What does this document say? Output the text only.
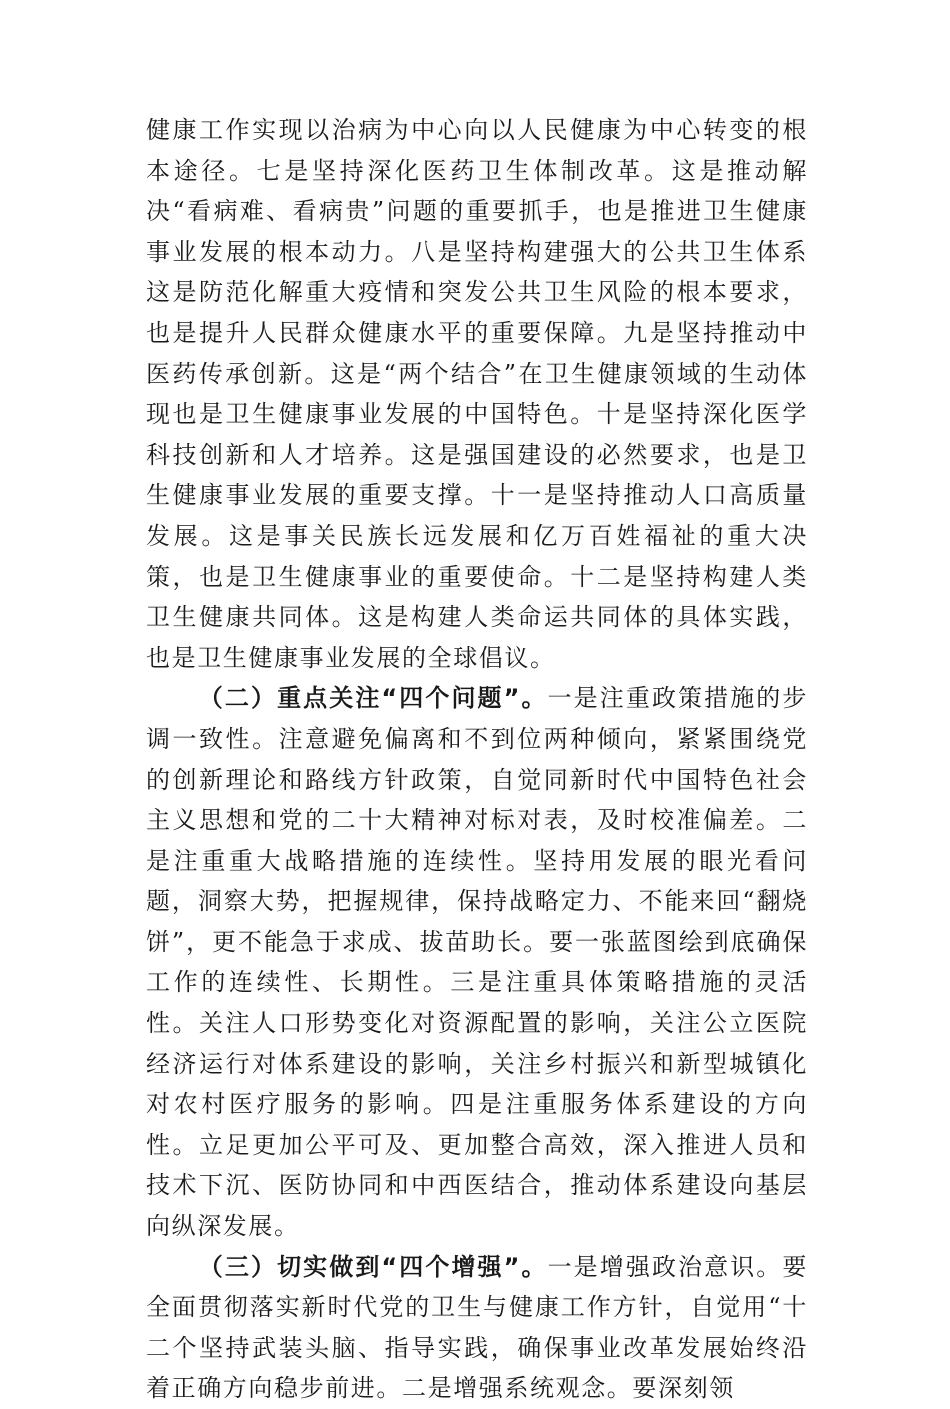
健康工作实现以治病为中心向以人民健康为中心转变的根本途径。七是坚持深化医药卫生体制改革。这是推动解决“看病难、看病贵”问题的重要抓手，也是推进卫生健康事业发展的根本动力。八是坚持构建强大的公共卫生体系这是防范化解重大疫情和突发公共卫生风险的根本要求，也是提升人民群众健康水平的重要保障。九是坚持推动中医药传承创新。这是“两个结合”在卫生健康领域的生动体现也是卫生健康事业发展的中国特色。十是坚持深化医学科技创新和人才培养。这是强国建设的必然要求，也是卫生健康事业发展的重要支撑。十一是坚持推动人口高质量发展。这是事关民族长远发展和亿万百姓福祉的重大决策，也是卫生健康事业的重要使命。十二是坚持构建人类卫生健康共同体。这是构建人类命运共同体的具体实践，也是卫生健康事业发展的全球倡议。

（二）重点关注“四个问题”。一是注重政策措施的步调一致性。注意避免偏离和不到位两种倾向，紧紧围绕党的创新理论和路线方针政策，自觉同新时代中国特色社会主义思想和党的二十大精神对标对表，及时校准偏差。二是注重重大战略措施的连续性。坚持用发展的眼光看问题，洞察大势，把握规律，保持战略定力、不能来回“翻烧饼”，更不能急于求成、拔苗助长。要一张蓝图绘到底确保工作的连续性、长期性。三是注重具体策略措施的灵活性。关注人口形势变化对资源配置的影响，关注公立医院经济运行对体系建设的影响，关注乡村振兴和新型城镇化对农村医疗服务的影响。四是注重服务体系建设的方向性。立足更加公平可及、更加整合高效，深入推进人员和技术下沉、医防协同和中西医结合，推动体系建设向基层向纵深发展。

（三）切实做到“四个增强”。一是增强政治意识。要全面贯彻落实新时代党的卫生与健康工作方针，自觉用“十二个坚持武装头脑、指导实践，确保事业改革发展始终沿着正确方向稳步前进。二是增强系统观念。要深刻领
